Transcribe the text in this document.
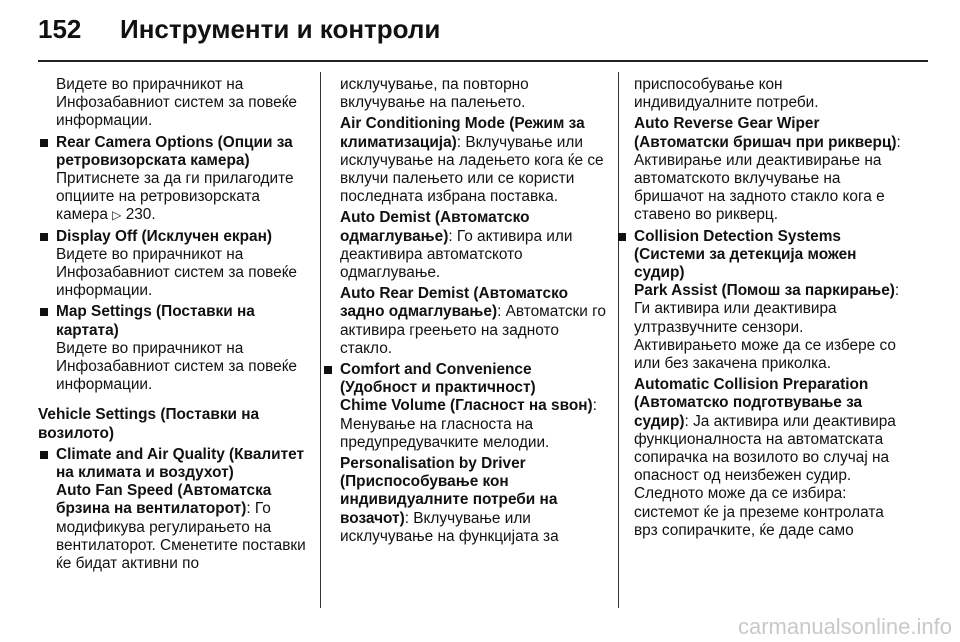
152 Инструменти и контроли

Видете во прирачникот на Инфозабавниот систем за повеќе информации.

Rear Camera Options (Опции за ретровизорската камера)

Притиснете за да ги прилагодите опциите на ретровизорската камера ▷ 230.

Display Off (Исклучен екран)

Видете во прирачникот на Инфозабавниот систем за повеќе информации.

Map Settings (Поставки на картата)

Видете во прирачникот на Инфозабавниот систем за повеќе информации.

Vehicle Settings (Поставки на возилото)
Climate and Air Quality (Квалитет на климата и воздухот)

Auto Fan Speed (Автоматска брзина на вентилаторот): Го модификува регулирањето на вентилаторот. Сменетите поставки ќе бидат активни по

исклучување, па повторно вклучување на палењето.

Air Conditioning Mode (Режим за климатизација): Вклучување или исклучување на ладењето кога ќе се вклучи палењето или се користи последната избрана поставка.

Auto Demist (Автоматско одмаглување): Го активира или деактивира автоматското одмаглување.

Auto Rear Demist (Автоматско задно одмаглување): Автоматски го активира греењето на задното стакло.

Comfort and Convenience (Удобност и практичност)

Chime Volume (Гласност на ѕвон): Менување на гласноста на предупредувачките мелодии.

Personalisation by Driver (Приспособување кон индивидуалните потреби на возачот): Вклучување или исклучување на функцијата за

приспособување кон индивидуалните потреби.

Auto Reverse Gear Wiper (Автоматски бришач при рикверц): Активирање или деактивирање на автоматското вклучување на бришачот на задното стакло кога е ставено во рикверц.

Collision Detection Systems (Системи за детекција можен судир)

Park Assist (Помош за паркирање): Ги активира или деактивира ултразвучните сензори. Активирањето може да се избере со или без закачена приколка.

Automatic Collision Preparation (Автоматско подготвување за судир): Ја активира или деактивира функционалноста на автоматската сопирачка на возилото во случај на опасност од неизбежен судир. Следното може да се избира: системот ќе ја преземе контролата врз сопирачките, ќе даде само

carmanualsonline.info
